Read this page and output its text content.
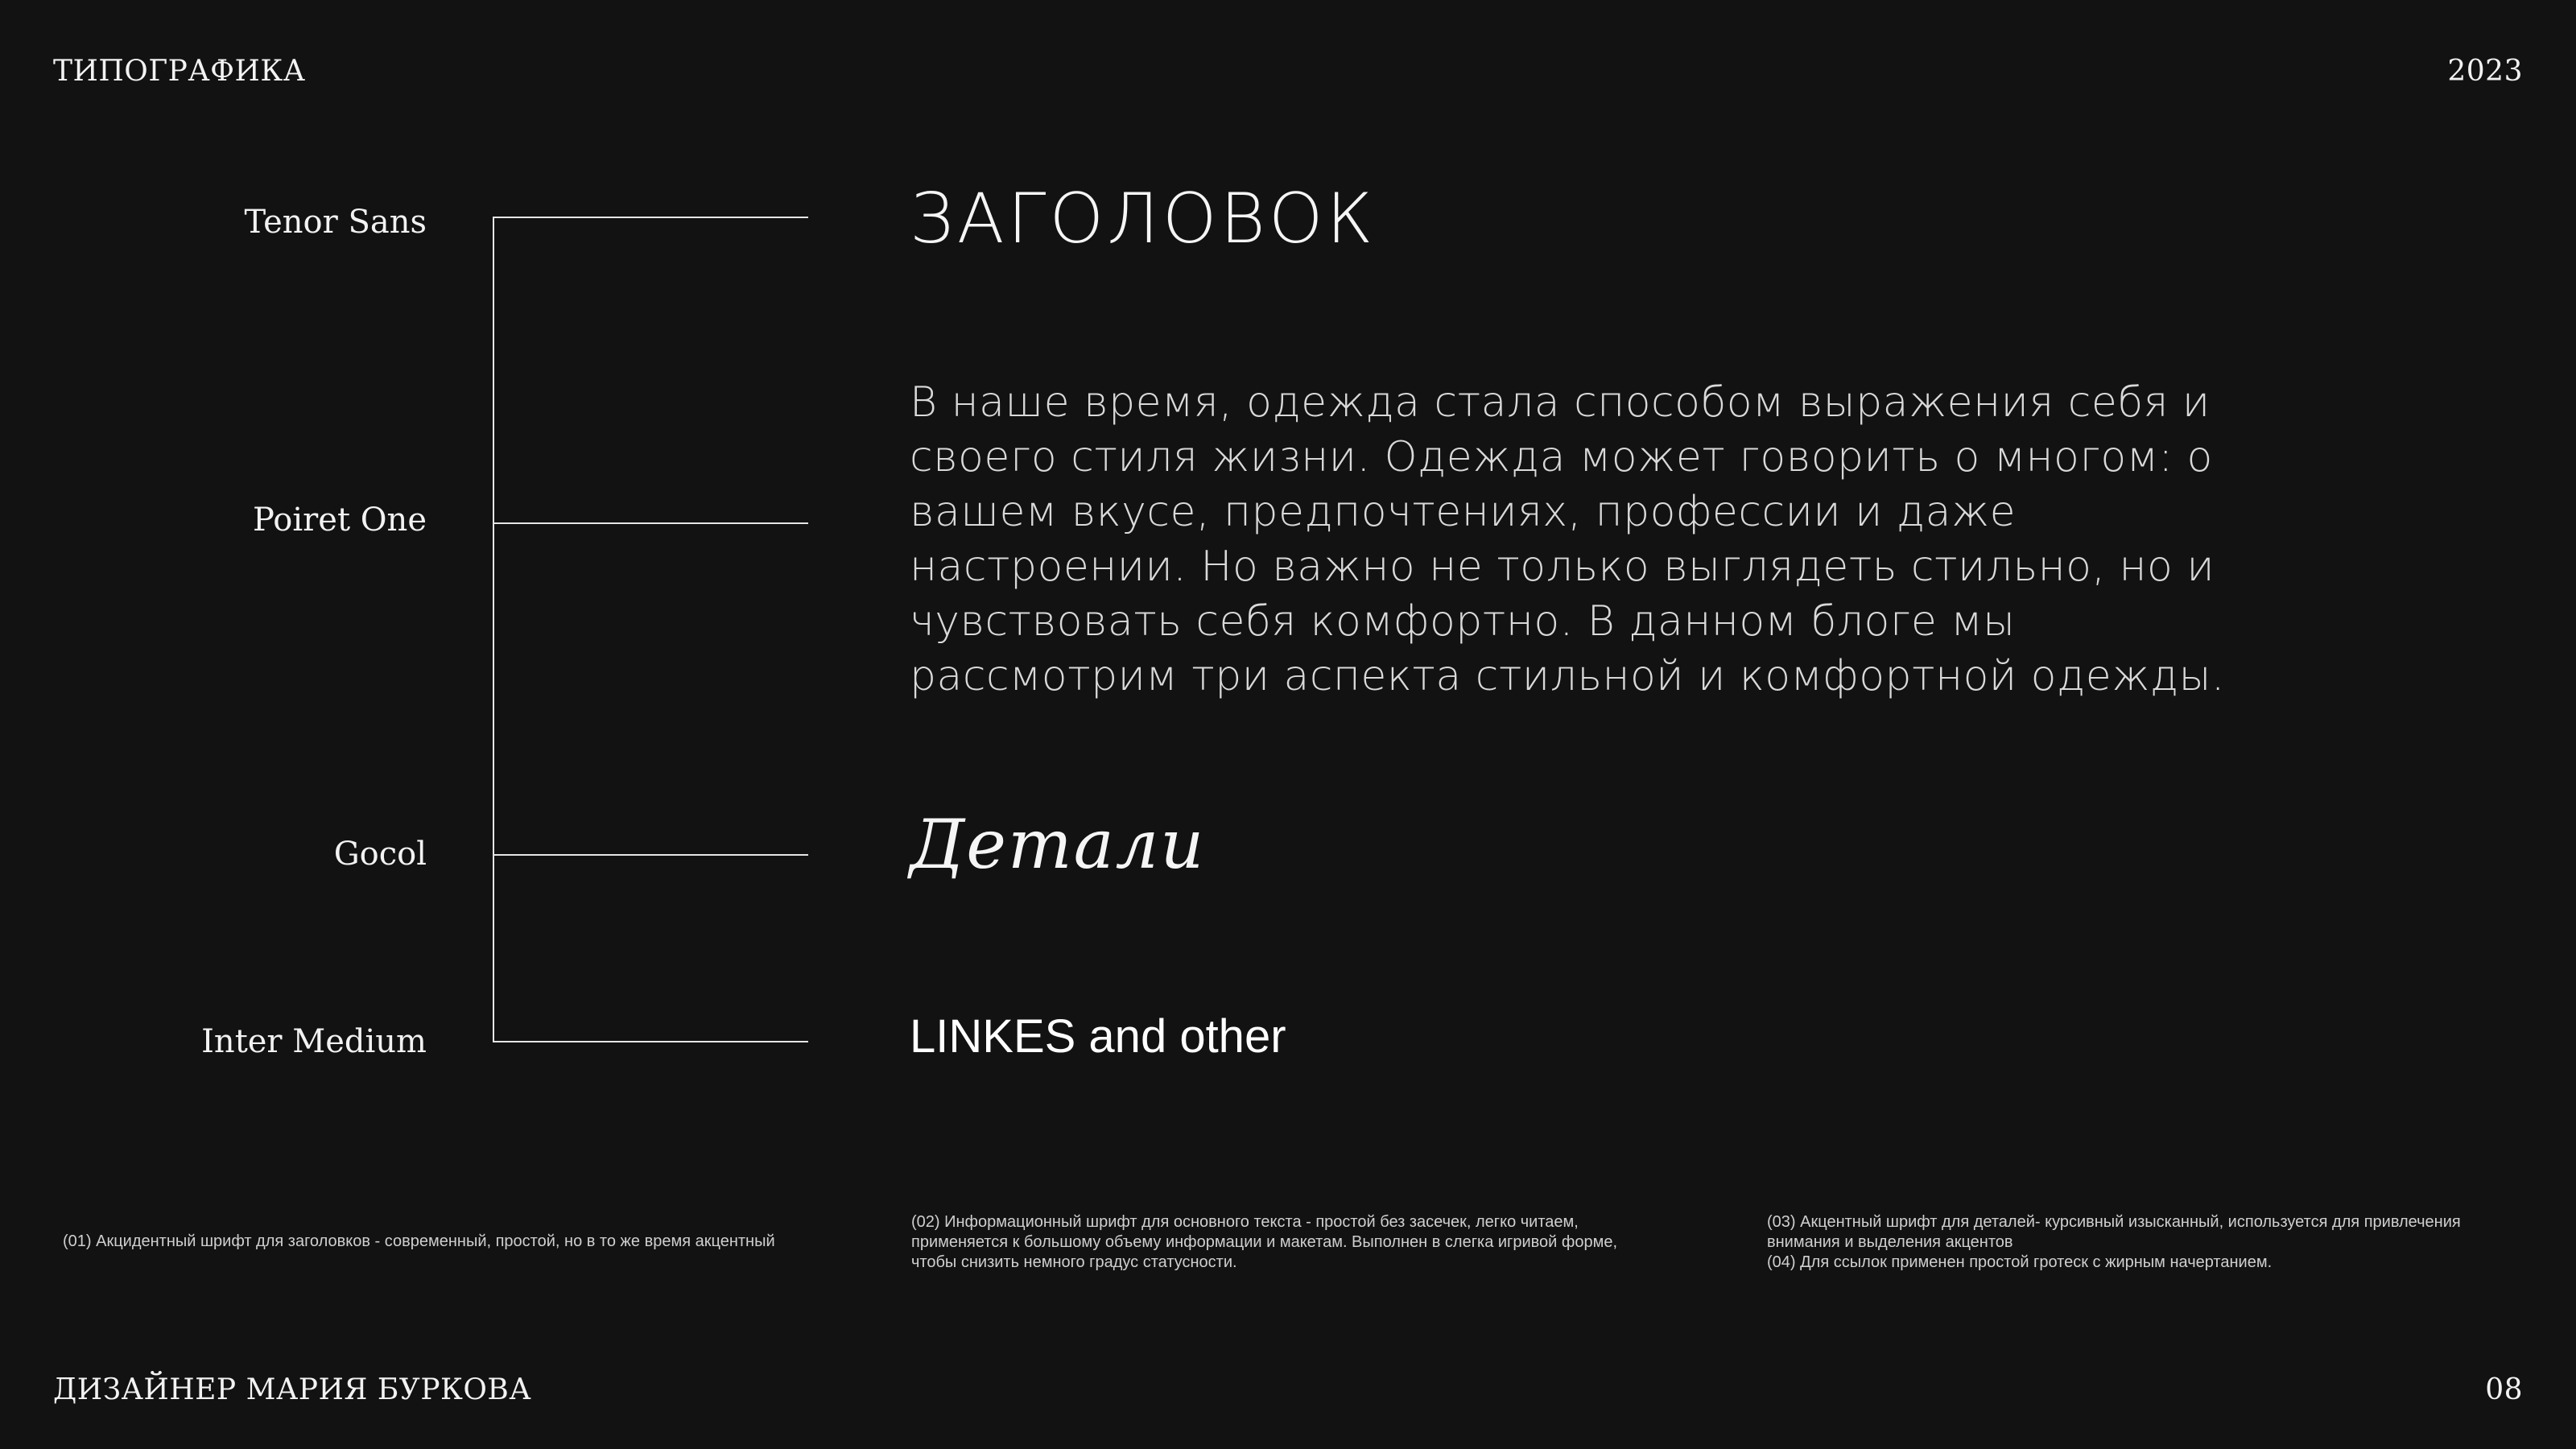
ТИПОГРАФИКА	2023
Tenor Sans
Poiret One
Gocol
Inter Medium
ЗАГОЛОВОК
В наше время, одежда стала способом выражения себя и своего стиля жизни. Одежда может говорить о многом: о вашем вкусе, предпочтениях, профессии и даже настроении. Но важно не только выглядеть стильно, но и чувствовать себя комфортно. В данном блоге мы рассмотрим три аспекта стильной и комфортной одежды.
Детали
LINKES and other
(01) Акцидентный шрифт для заголовков - современный, простой, но в то же время акцентный
(02) Информационный шрифт для основного текста - простой без засечек, легко читаем, применяется к большому объему информации и макетам. Выполнен в слегка игривой форме, чтобы снизить немного градус статусности.
(03) Акцентный шрифт для деталей- курсивный изысканный, используется для привлечения внимания и выделения акцентов
(04) Для ссылок применен простой гротеск с жирным начертанием.
ДИЗАЙНЕР МАРИЯ БУРКОВА	08
